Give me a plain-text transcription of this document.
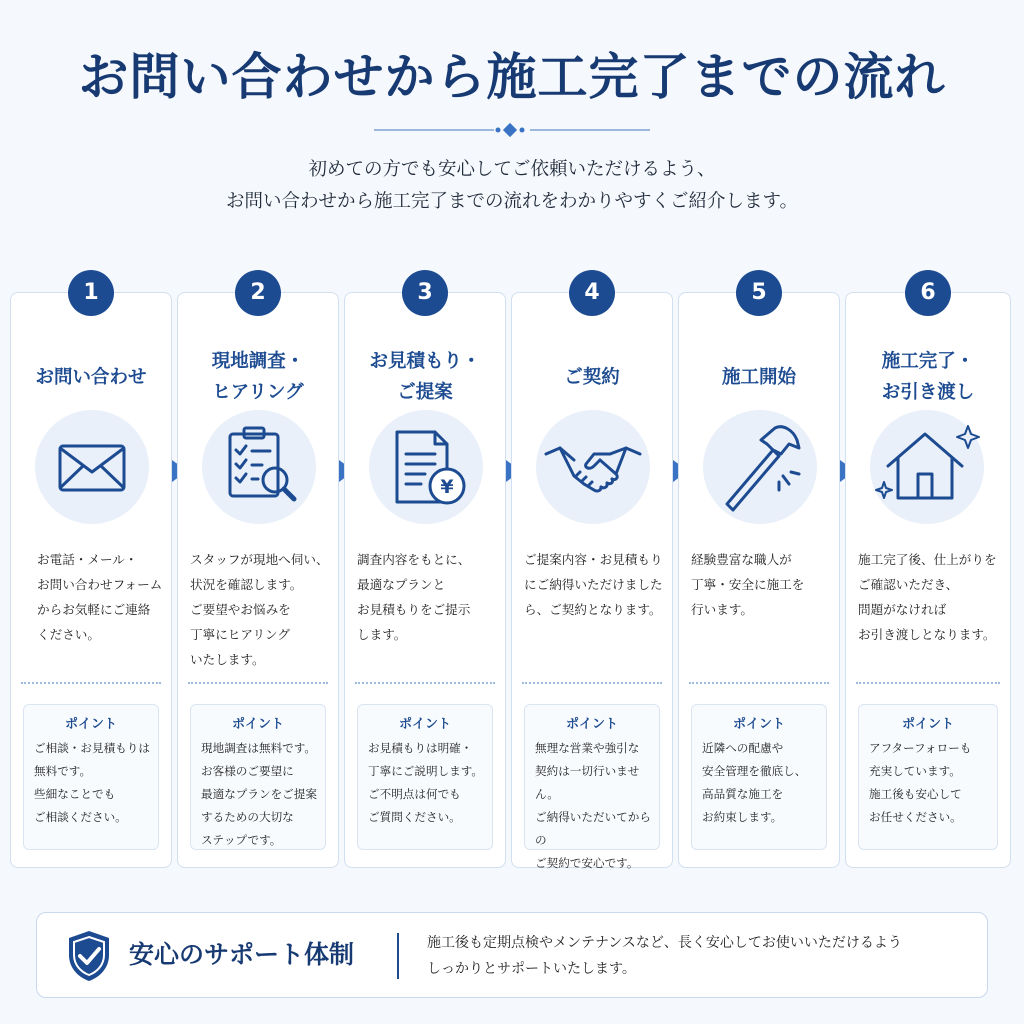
お問い合わせから施工完了までの流れ
初めての方でも安心してご依頼いただけるよう、
お問い合わせから施工完了までの流れをわかりやすくご紹介します。
お問い合わせ
お電話・メール・
お問い合わせフォーム
からお気軽にご連絡
ください。
ポイント
ご相談・お見積もりは
無料です。
些細なことでも
ご相談ください。
1
現地調査・
ヒアリング
スタッフが現地へ伺い、
状況を確認します。
ご要望やお悩みを
丁寧にヒアリング
いたします。
ポイント
現地調査は無料です。
お客様のご要望に
最適なプランをご提案
するための大切な
ステップです。
2
お見積もり・
ご提案
¥
調査内容をもとに、
最適なプランと
お見積もりをご提示
します。
ポイント
お見積もりは明確・
丁寧にご説明します。
ご不明点は何でも
ご質問ください。
3
ご契約
ご提案内容・お見積もり
にご納得いただけました
ら、ご契約となります。
ポイント
無理な営業や強引な
契約は一切行いません。
ご納得いただいてからの
ご契約で安心です。
4
施工開始
経験豊富な職人が
丁寧・安全に施工を
行います。
ポイント
近隣への配慮や
安全管理を徹底し、
高品質な施工を
お約束します。
5
施工完了・
お引き渡し
施工完了後、仕上がりを
ご確認いただき、
問題がなければ
お引き渡しとなります。
ポイント
アフターフォローも
充実しています。
施工後も安心して
お任せください。
6
安心のサポート体制	施工後も定期点検やメンテナンスなど、長く安心してお使いいただけるよう
しっかりとサポートいたします。
